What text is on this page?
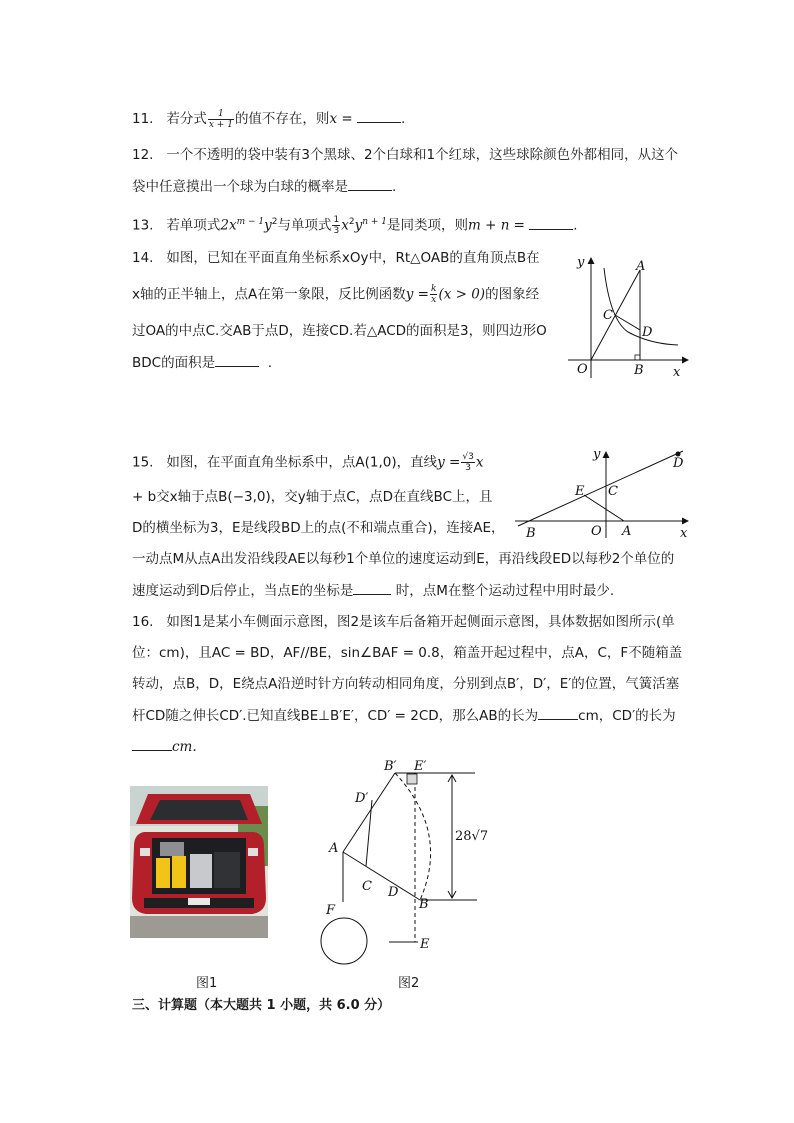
11. 若分式 $\frac{1}{x + 1}$ 的值不存在，则x =	.
12. 一个不透明的袋中装有3个黑球、2个白球和1个红球，这些球除颜色外都相同，从这个
袋中任意摸出一个球为白球的概率是	.
13. 若单项式$2x^{m - 1}y^2$与单项式 $\frac{1}{3} x^2y^{n + 1}$是同类项，则m + n =	.
14. 如图，已知在平面直角坐标系xOy中，Rt△OAB的直角顶点B在
x轴的正半轴上，点A在第一象限，反比例函数$y = \frac{k}{x} (x > 0)$的图象经
过OA的中点C.交AB于点D，连接CD.若△ACD的面积是3，则四边形O
BDC的面积是	.
y	A
C
D
O	B x
15. 如图，在平面直角坐标系中，点A(1,0)，直线$y = \frac{√3}{3}$ x
+ b交x轴于点B(−3,0)，交y轴于点C，点D在直线BC上，且
D的横坐标为3，E是线段BD上的点(不和端点重合)，连接AE，
一动点M从点A出发沿线段AE以每秒1个单位的速度运动到E，再沿线段ED以每秒2个单位的
速度运动到D后停止，当点E的坐标是	时，点M在整个运动过程中用时最少.
y
D
E C
B	O A	x
16. 如图1是某小车侧面示意图，图2是该车后备箱开起侧面示意图，具体数据如图所示(单
位：cm)，且AC = BD，AF//BE，sin∠BAF = 0.8，箱盖开起过程中，点A，C，F不随箱盖
转动，点B，D，E绕点A沿逆时针方向转动相同角度，分别到点B′，D′，E′的位置，气簧活塞
杆CD随之伸长CD′.已知直线BE⊥B′E′，CD′ = 2CD，那么AB的长为	cm，CD′的长为
cm.
B′ E′
D′
A
C D
B
F
E
28√7
图1	图2
三、计算题（本大题共 1 小题，共 6.0 分）
